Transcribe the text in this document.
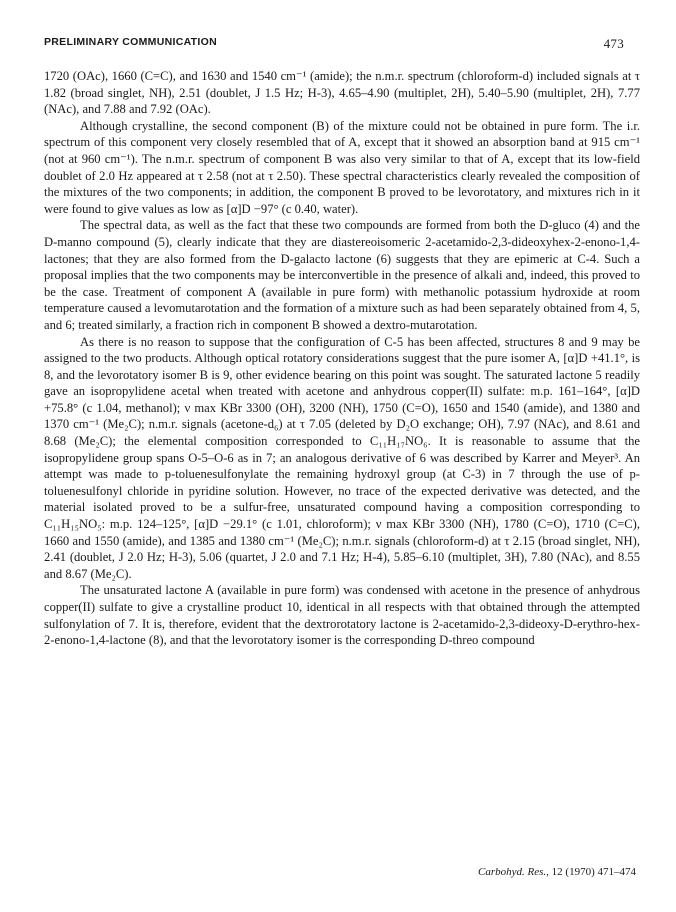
PRELIMINARY COMMUNICATION	473

1720 (OAc), 1660 (C=C), and 1630 and 1540 cm⁻¹ (amide); the n.m.r. spectrum (chloroform-d) included signals at τ 1.82 (broad singlet, NH), 2.51 (doublet, J 1.5 Hz; H-3), 4.65–4.90 (multiplet, 2H), 5.40–5.90 (multiplet, 2H), 7.77 (NAc), and 7.88 and 7.92 (OAc).

Although crystalline, the second component (B) of the mixture could not be obtained in pure form. The i.r. spectrum of this component very closely resembled that of A, except that it showed an absorption band at 915 cm⁻¹ (not at 960 cm⁻¹). The n.m.r. spectrum of component B was also very similar to that of A, except that its low-field doublet of 2.0 Hz appeared at τ 2.58 (not at τ 2.50). These spectral characteristics clearly revealed the composition of the mixtures of the two components; in addition, the component B proved to be levorotatory, and mixtures rich in it were found to give values as low as [α]D −97° (c 0.40, water).

The spectral data, as well as the fact that these two compounds are formed from both the D-gluco (4) and the D-manno compound (5), clearly indicate that they are diastereoisomeric 2-acetamido-2,3-dideoxyhex-2-enono-1,4-lactones; that they are also formed from the D-galacto lactone (6) suggests that they are epimeric at C-4. Such a proposal implies that the two components may be interconvertible in the presence of alkali and, indeed, this proved to be the case. Treatment of component A (available in pure form) with methanolic potassium hydroxide at room temperature caused a levomutarotation and the formation of a mixture such as had been separately obtained from 4, 5, and 6; treated similarly, a fraction rich in component B showed a dextro-mutarotation.

As there is no reason to suppose that the configuration of C-5 has been affected, structures 8 and 9 may be assigned to the two products. Although optical rotatory considerations suggest that the pure isomer A, [α]D +41.1°, is 8, and the levorotatory isomer B is 9, other evidence bearing on this point was sought. The saturated lactone 5 readily gave an isopropylidene acetal when treated with acetone and anhydrous copper(II) sulfate: m.p. 161–164°, [α]D +75.8° (c 1.04, methanol); ν max KBr 3300 (OH), 3200 (NH), 1750 (C=O), 1650 and 1540 (amide), and 1380 and 1370 cm⁻¹ (Me₂C); n.m.r. signals (acetone-d₆) at τ 7.05 (deleted by D₂O exchange; OH), 7.97 (NAc), and 8.61 and 8.68 (Me₂C); the elemental composition corresponded to C₁₁H₁₇NO₆. It is reasonable to assume that the isopropylidene group spans O-5–O-6 as in 7; an analogous derivative of 6 was described by Karrer and Meyer³. An attempt was made to p-toluenesulfonylate the remaining hydroxyl group (at C-3) in 7 through the use of p-toluenesulfonyl chloride in pyridine solution. However, no trace of the expected derivative was detected, and the material isolated proved to be a sulfur-free, unsaturated compound having a composition corresponding to C₁₁H₁₅NO₅: m.p. 124–125°, [α]D −29.1° (c 1.01, chloroform); ν max KBr 3300 (NH), 1780 (C=O), 1710 (C=C), 1660 and 1550 (amide), and 1385 and 1380 cm⁻¹ (Me₂C); n.m.r. signals (chloroform-d) at τ 2.15 (broad singlet, NH), 2.41 (doublet, J 2.0 Hz; H-3), 5.06 (quartet, J 2.0 and 7.1 Hz; H-4), 5.85–6.10 (multiplet, 3H), 7.80 (NAc), and 8.55 and 8.67 (Me₂C).

The unsaturated lactone A (available in pure form) was condensed with acetone in the presence of anhydrous copper(II) sulfate to give a crystalline product 10, identical in all respects with that obtained through the attempted sulfonylation of 7. It is, therefore, evident that the dextrorotatory lactone is 2-acetamido-2,3-dideoxy-D-erythro-hex-2-enono-1,4-lactone (8), and that the levorotatory isomer is the corresponding D-threo compound

Carbohyd. Res., 12 (1970) 471–474
